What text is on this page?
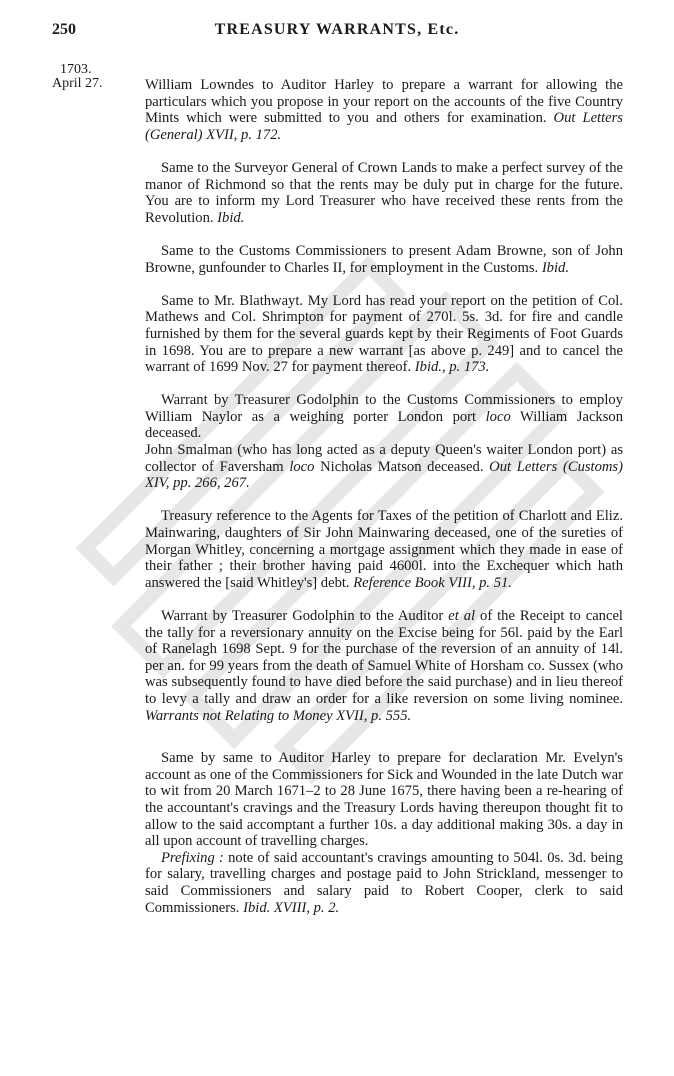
250	TREASURY WARRANTS, Etc.
1703.
April 27.	William Lowndes to Auditor Harley to prepare a warrant for allowing the particulars which you propose in your report on the accounts of the five Country Mints which were submitted to you and others for examination. Out Letters (General) XVII, p. 172.

Same to the Surveyor General of Crown Lands to make a perfect survey of the manor of Richmond so that the rents may be duly put in charge for the future. You are to inform my Lord Treasurer who have received these rents from the Revolution. Ibid.

Same to the Customs Commissioners to present Adam Browne, son of John Browne, gunfounder to Charles II, for employment in the Customs. Ibid.

Same to Mr. Blathwayt. My Lord has read your report on the petition of Col. Mathews and Col. Shrimpton for payment of 270l. 5s. 3d. for fire and candle furnished by them for the several guards kept by their Regiments of Foot Guards in 1698. You are to prepare a new warrant [as above p. 249] and to cancel the warrant of 1699 Nov. 27 for payment thereof. Ibid., p. 173.

Warrant by Treasurer Godolphin to the Customs Commissioners to employ William Naylor as a weighing porter London port loco William Jackson deceased.

John Smalman (who has long acted as a deputy Queen's waiter London port) as collector of Faversham loco Nicholas Matson deceased. Out Letters (Customs) XIV, pp. 266, 267.

Treasury reference to the Agents for Taxes of the petition of Charlott and Eliz. Mainwaring, daughters of Sir John Mainwaring deceased, one of the sureties of Morgan Whitley, concerning a mortgage assignment which they made in ease of their father ; their brother having paid 4600l. into the Exchequer which hath answered the [said Whitley's] debt. Reference Book VIII, p. 51.

Warrant by Treasurer Godolphin to the Auditor et al of the Receipt to cancel the tally for a reversionary annuity on the Excise being for 56l. paid by the Earl of Ranelagh 1698 Sept. 9 for the purchase of the reversion of an annuity of 14l. per an. for 99 years from the death of Samuel White of Horsham co. Sussex (who was subsequently found to have died before the said purchase) and in lieu thereof to levy a tally and draw an order for a like reversion on some living nominee. Warrants not Relating to Money XVII, p. 555.

Same by same to Auditor Harley to prepare for declaration Mr. Evelyn's account as one of the Commissioners for Sick and Wounded in the late Dutch war to wit from 20 March 1671–2 to 28 June 1675, there having been a re-hearing of the accountant's cravings and the Treasury Lords having thereupon thought fit to allow to the said accomptant a further 10s. a day additional making 30s. a day in all upon account of travelling charges.

Prefixing : note of said accountant's cravings amounting to 504l. 0s. 3d. being for salary, travelling charges and postage paid to John Strickland, messenger to said Commissioners and salary paid to Robert Cooper, clerk to said Commissioners. Ibid. XVIII, p. 2.
